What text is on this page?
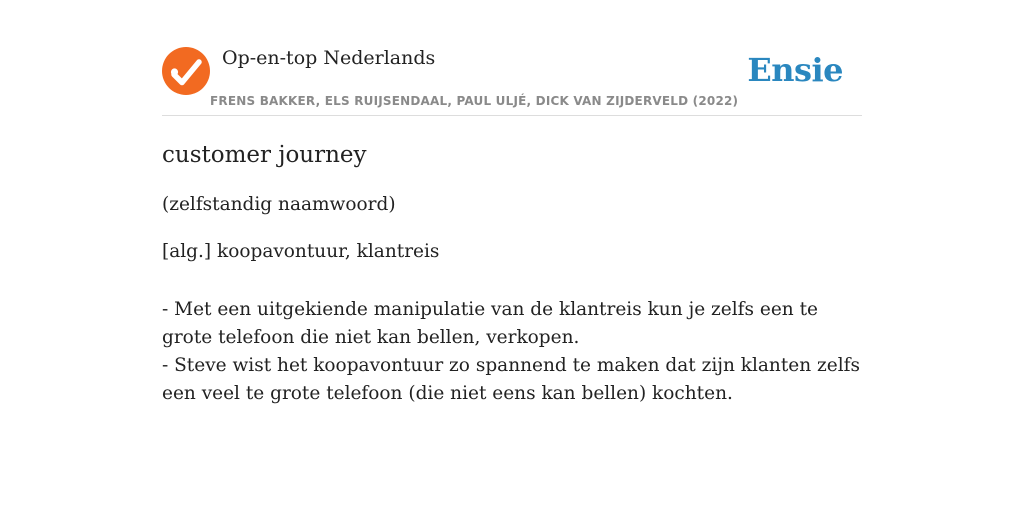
Op-en-top Nederlands
FRENS BAKKER, ELS RUIJSENDAAL, PAUL ULJÉ, DICK VAN ZIJDERVELD (2022)
Ensie
customer journey
(zelfstandig naamwoord)
[alg.] koopavontuur, klantreis

- Met een uitgekiende manipulatie van de klantreis kun je zelfs een te grote telefoon die niet kan bellen, verkopen.

- Steve wist het koopavontuur zo spannend te maken dat zijn klanten zelfs een veel te grote telefoon (die niet eens kan bellen) kochten.
